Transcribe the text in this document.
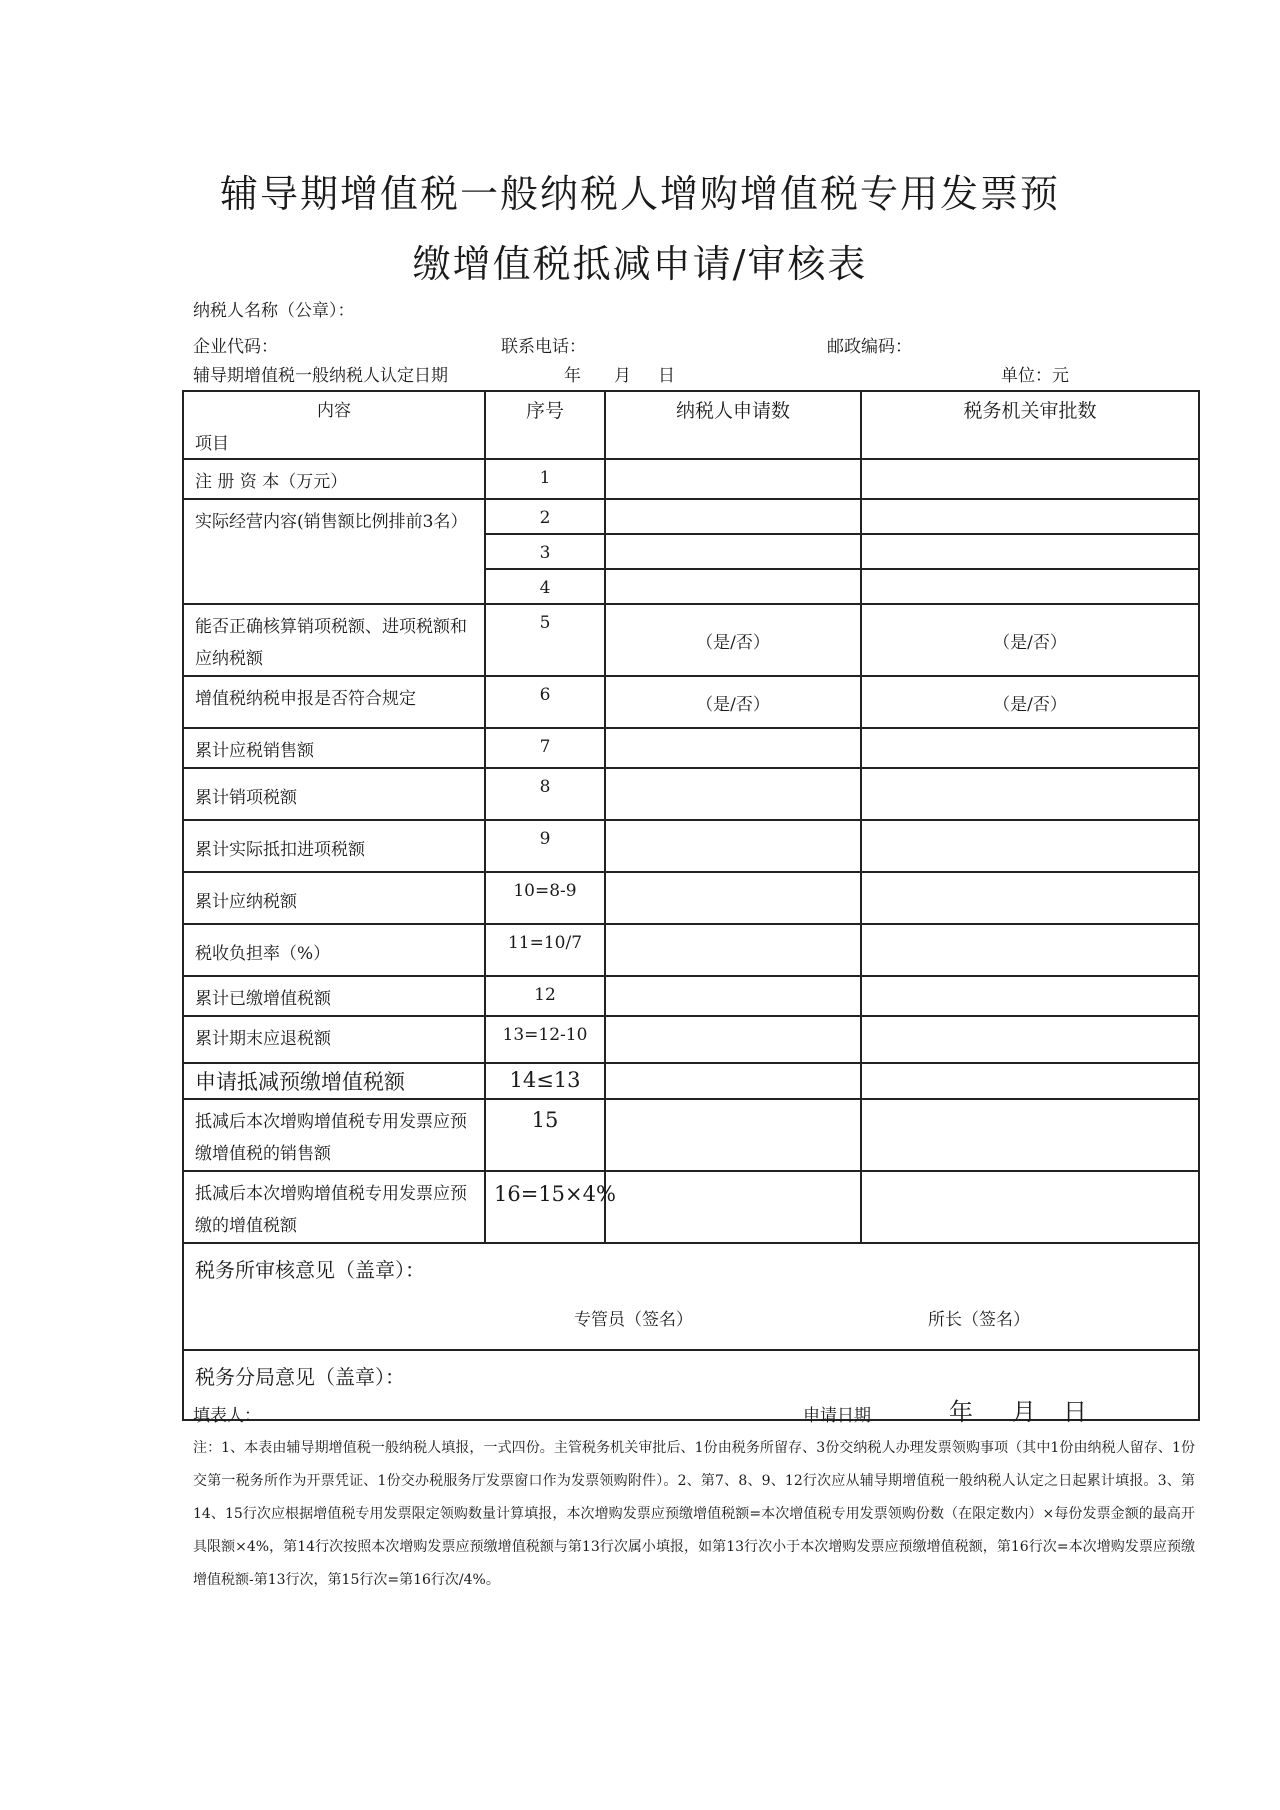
辅导期增值税一般纳税人增购增值税专用发票预
缴增值税抵减申请/审核表
纳税人名称（公章）：
企业代码：	联系电话：	邮政编码：
辅导期增值税一般纳税人认定日期	年 月 日	单位：元
内容
项目	序号	纳税人申请数	税务机关审批数
注 册 资 本（万元）	1		
实际经营内容(销售额比例排前3名）	2		
	3		
	4		
能否正确核算销项税额、进项税额和应纳税额	5	（是/否）	（是/否）
增值税纳税申报是否符合规定	6	（是/否）	（是/否）
累计应税销售额	7		
累计销项税额	8		
累计实际抵扣进项税额	9		
累计应纳税额	10=8-9		
税收负担率（%）	11=10/7		
累计已缴增值税额	12		
累计期末应退税额	13=12-10		
申请抵减预缴增值税额	14≤13		
抵减后本次增购增值税专用发票应预缴增值税的销售额	15		
抵减后本次增购增值税专用发票应预缴的增值税额	16=15×4%		

税务所审核意见（盖章）：
专管员（签名） 所长（签名）			

税务分局意见（盖章）：			
填表人：	申请日期	年 月 日

注：1、本表由辅导期增值税一般纳税人填报，一式四份。主管税务机关审批后、1份由税务所留存、3份交纳税人办理发票领购事项（其中1份由纳税人留存、1份交第一税务所作为开票凭证、1份交办税服务厅发票窗口作为发票领购附件）。2、第7、8、9、12行次应从辅导期增值税一般纳税人认定之日起累计填报。3、第14、15行次应根据增值税专用发票限定领购数量计算填报，本次增购发票应预缴增值税额=本次增值税专用发票领购份数（在限定数内）×每份发票金额的最高开具限额×4%，第14行次按照本次增购发票应预缴增值税额与第13行次属小填报，如第13行次小于本次增购发票应预缴增值税额，第16行次=本次增购发票应预缴增值税额-第13行次，第15行次=第16行次/4%。
